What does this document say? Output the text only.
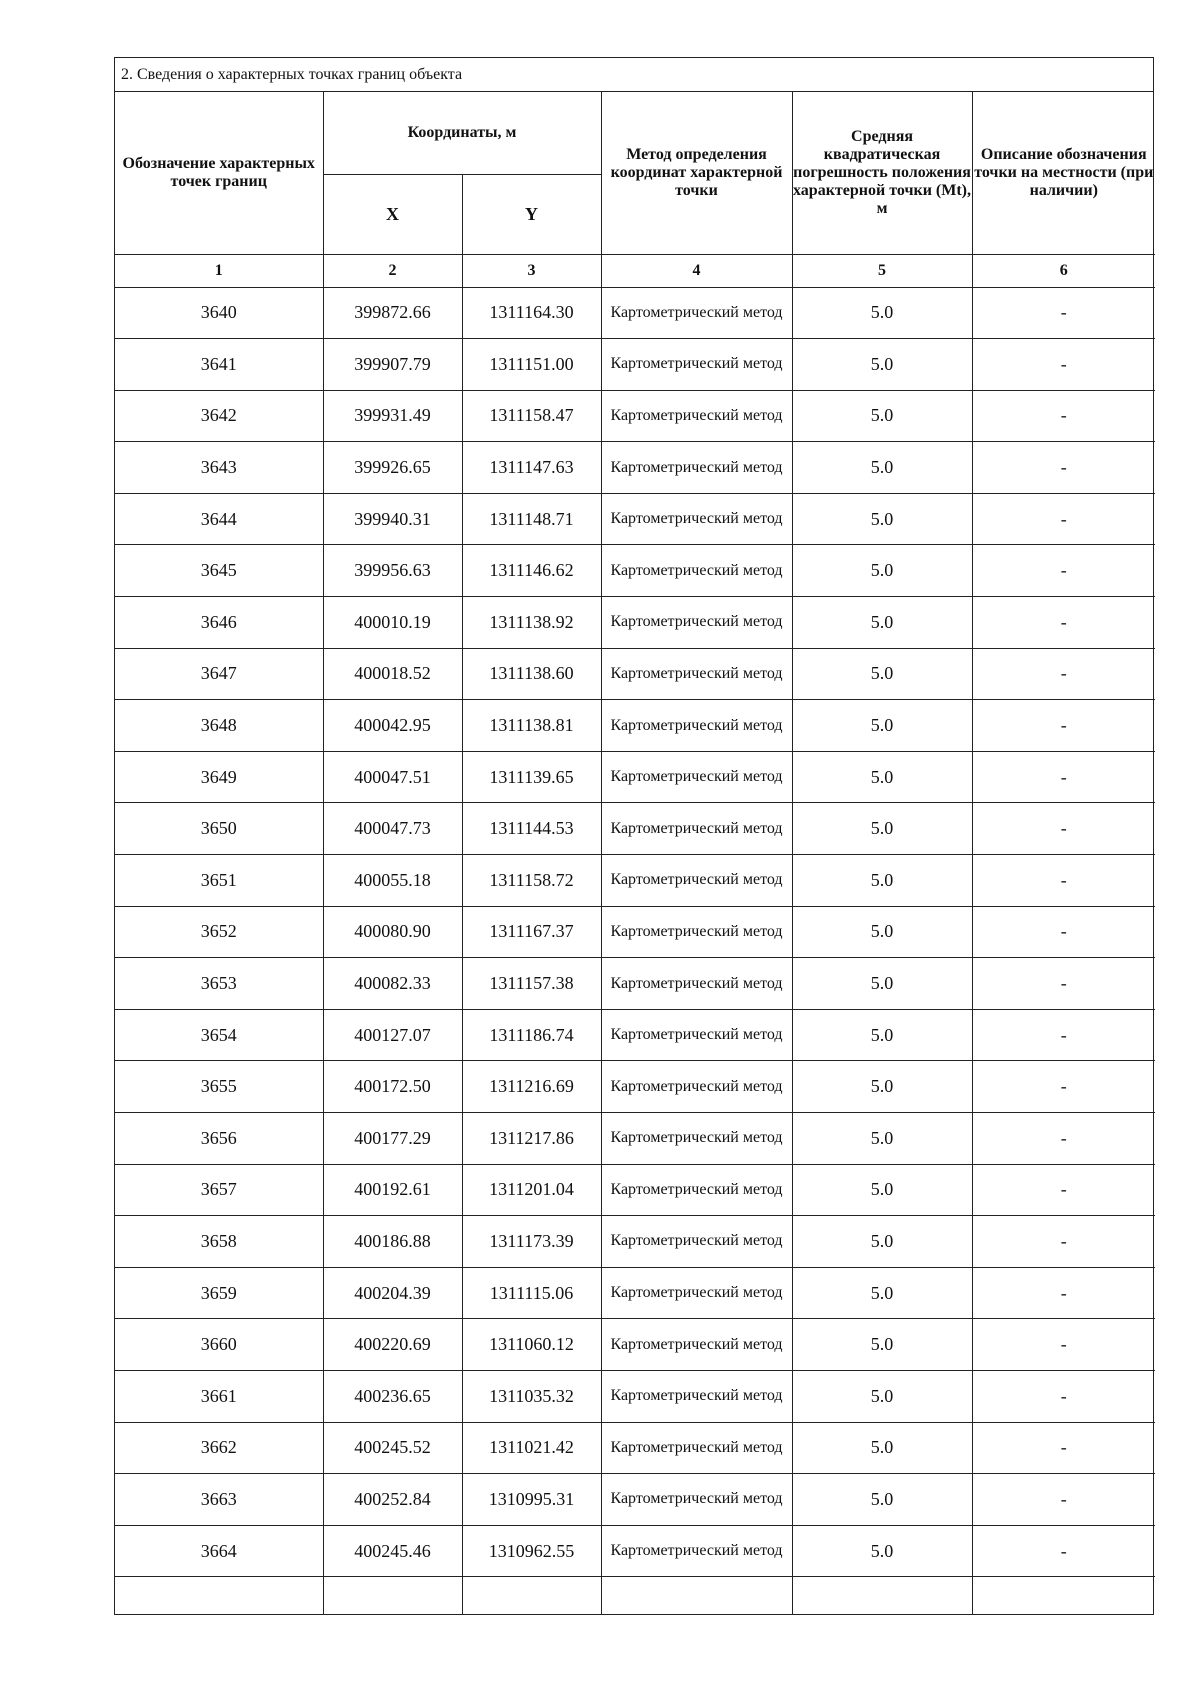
2. Сведения о характерных точках границ объекта
Обозначение характерных точек границ	Координаты, м		Метод определения координат характерной точки	Средняя квадратическая погрешность положения характерной точки (Mt), м	Описание обозначения точки на местности (при наличии)
	X	Y			
1	2	3	4	5	6
3640	399872.66	1311164.30	Картометрический метод	5.0	-
3641	399907.79	1311151.00	Картометрический метод	5.0	-
3642	399931.49	1311158.47	Картометрический метод	5.0	-
3643	399926.65	1311147.63	Картометрический метод	5.0	-
3644	399940.31	1311148.71	Картометрический метод	5.0	-
3645	399956.63	1311146.62	Картометрический метод	5.0	-
3646	400010.19	1311138.92	Картометрический метод	5.0	-
3647	400018.52	1311138.60	Картометрический метод	5.0	-
3648	400042.95	1311138.81	Картометрический метод	5.0	-
3649	400047.51	1311139.65	Картометрический метод	5.0	-
3650	400047.73	1311144.53	Картометрический метод	5.0	-
3651	400055.18	1311158.72	Картометрический метод	5.0	-
3652	400080.90	1311167.37	Картометрический метод	5.0	-
3653	400082.33	1311157.38	Картометрический метод	5.0	-
3654	400127.07	1311186.74	Картометрический метод	5.0	-
3655	400172.50	1311216.69	Картометрический метод	5.0	-
3656	400177.29	1311217.86	Картометрический метод	5.0	-
3657	400192.61	1311201.04	Картометрический метод	5.0	-
3658	400186.88	1311173.39	Картометрический метод	5.0	-
3659	400204.39	1311115.06	Картометрический метод	5.0	-
3660	400220.69	1311060.12	Картометрический метод	5.0	-
3661	400236.65	1311035.32	Картометрический метод	5.0	-
3662	400245.52	1311021.42	Картометрический метод	5.0	-
3663	400252.84	1310995.31	Картометрический метод	5.0	-
3664	400245.46	1310962.55	Картометрический метод	5.0	-
